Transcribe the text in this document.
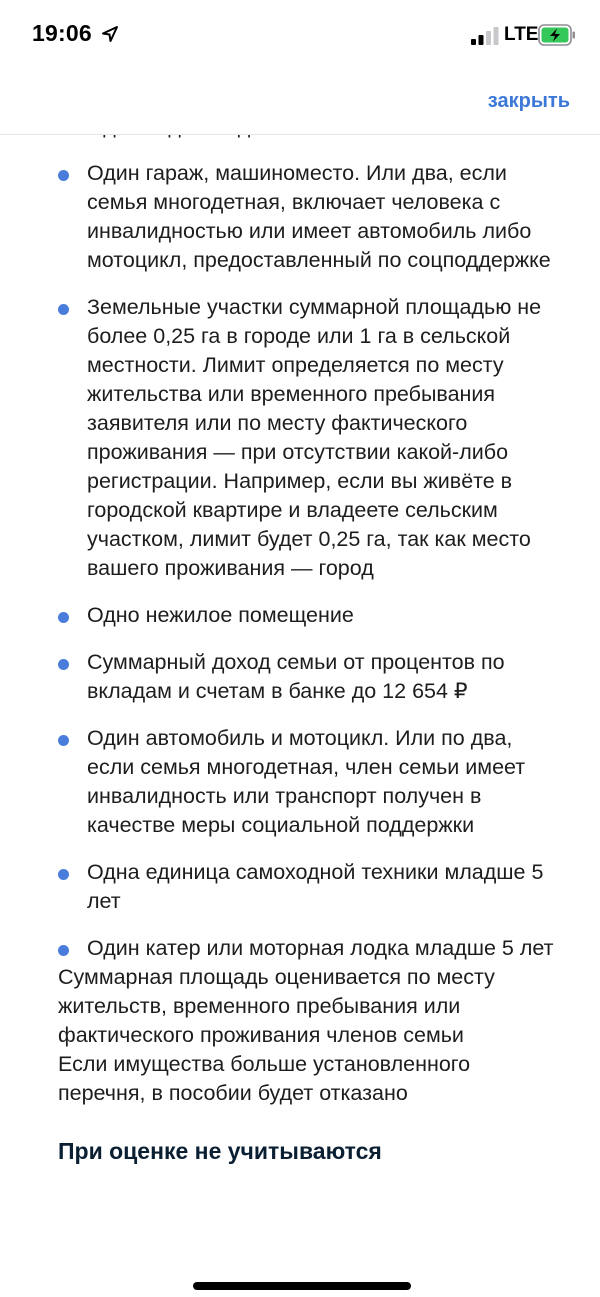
19:06	LTE
закрыть
Один гараж, машиноместо. Или два, если семья многодетная, включает человека с инвалидностью или имеет автомобиль либо мотоцикл, предоставленный по соцподдержке
Земельные участки суммарной площадью не более 0,25 га в городе или 1 га в сельской местности. Лимит определяется по месту жительства или временного пребывания заявителя или по месту фактического проживания — при отсутствии какой-либо регистрации. Например, если вы живёте в городской квартире и владеете сельским участком, лимит будет 0,25 га, так как место вашего проживания — город
Одно нежилое помещение
Суммарный доход семьи от процентов по вкладам и счетам в банке до 12 654 ₽
Один автомобиль и мотоцикл. Или по два, если семья многодетная, член семьи имеет инвалидность или транспорт получен в качестве меры социальной поддержки
Одна единица самоходной техники младше 5 лет
Один катер или моторная лодка младше 5 лет
Суммарная площадь оценивается по месту жительств, временного пребывания или фактического проживания членов семьи
Если имущества больше установленного перечня, в пособии будет отказано
При оценке не учитываются
